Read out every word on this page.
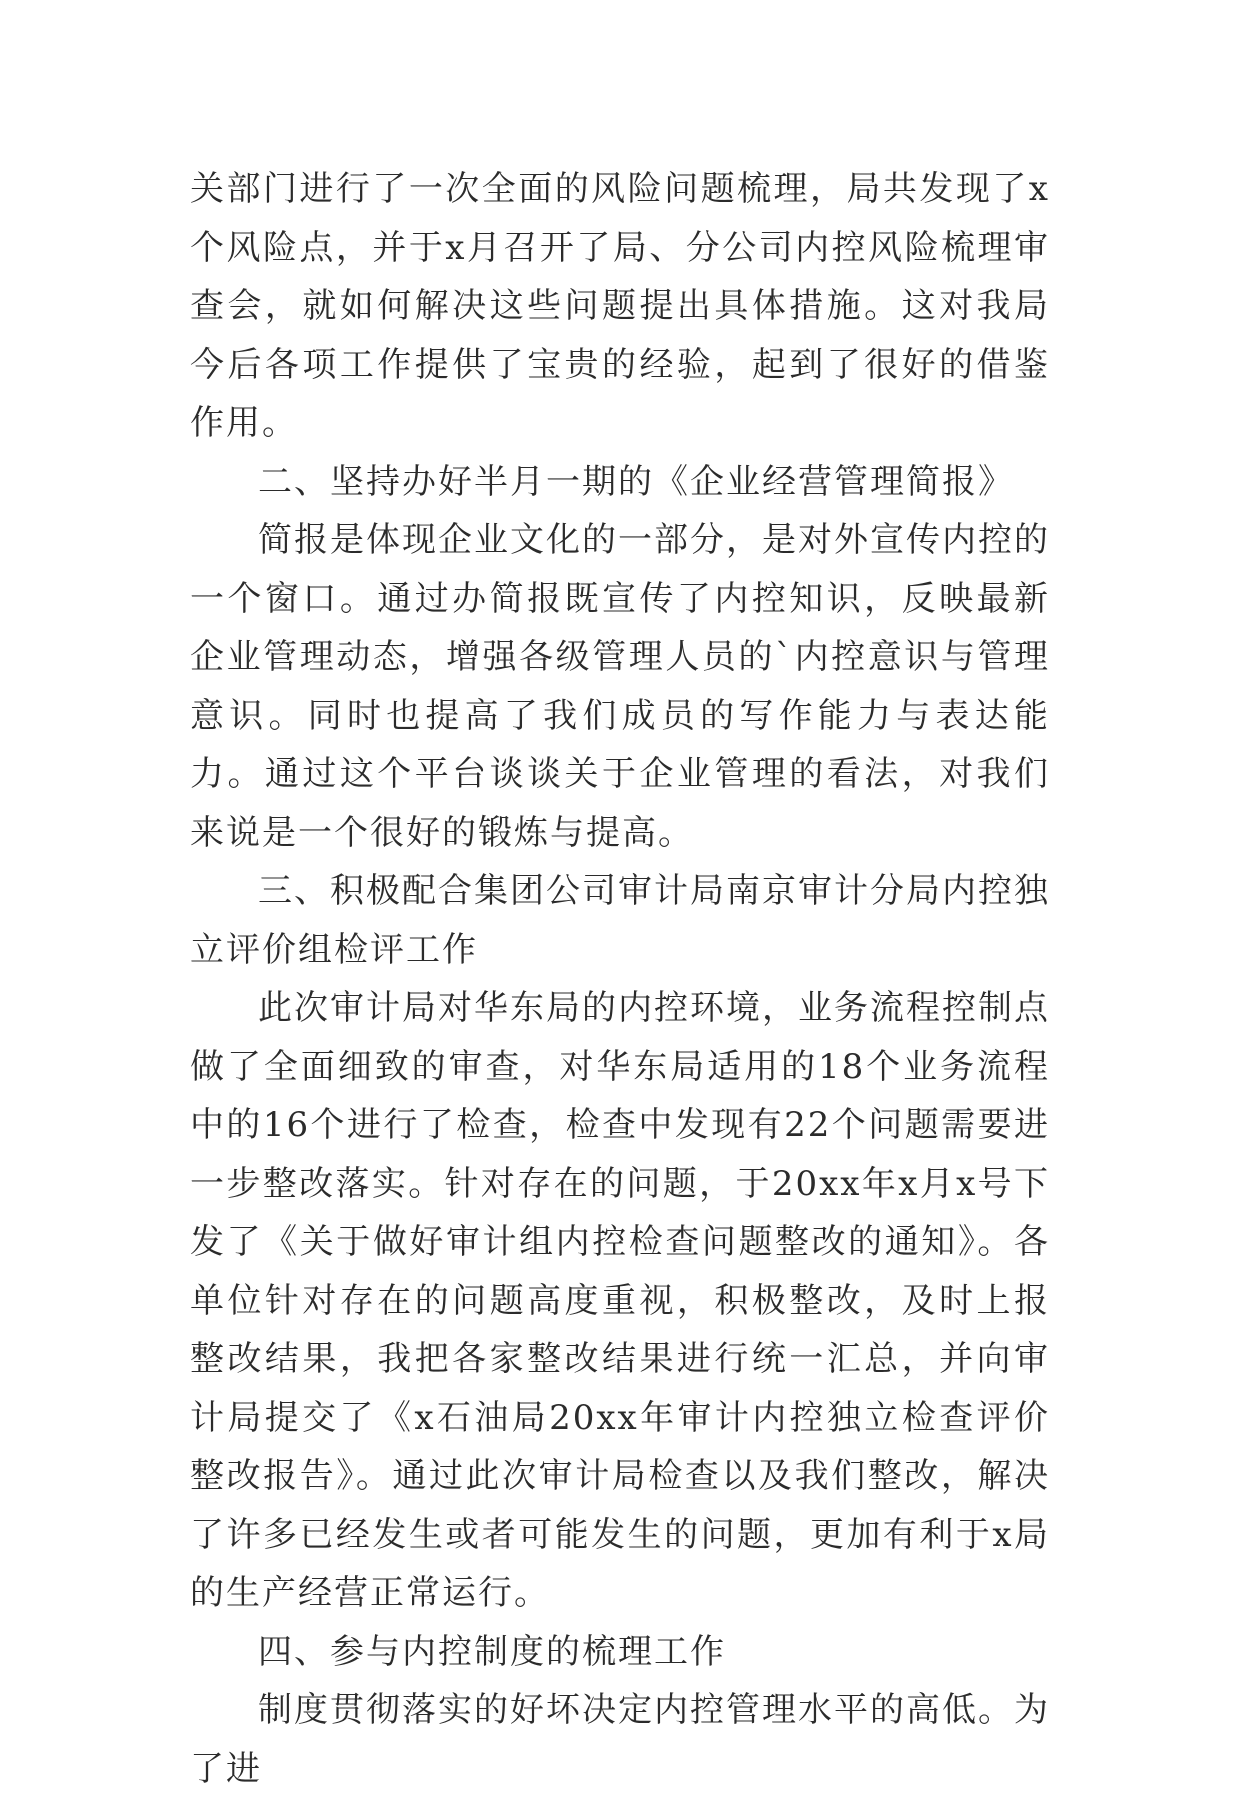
关部门进行了一次全面的风险问题梳理，局共发现了x个风险点，并于x月召开了局、分公司内控风险梳理审查会，就如何解决这些问题提出具体措施。这对我局今后各项工作提供了宝贵的经验，起到了很好的借鉴作用。

二、坚持办好半月一期的《企业经营管理简报》

简报是体现企业文化的一部分，是对外宣传内控的一个窗口。通过办简报既宣传了内控知识，反映最新企业管理动态，增强各级管理人员的`内控意识与管理意识。同时也提高了我们成员的写作能力与表达能力。通过这个平台谈谈关于企业管理的看法，对我们来说是一个很好的锻炼与提高。

三、积极配合集团公司审计局南京审计分局内控独立评价组检评工作

此次审计局对华东局的内控环境，业务流程控制点做了全面细致的审查，对华东局适用的18个业务流程中的16个进行了检查，检查中发现有22个问题需要进一步整改落实。针对存在的问题，于20xx年x月x号下发了《关于做好审计组内控检查问题整改的通知》。各单位针对存在的问题高度重视，积极整改，及时上报整改结果，我把各家整改结果进行统一汇总，并向审计局提交了《x石油局20xx年审计内控独立检查评价整改报告》。通过此次审计局检查以及我们整改，解决了许多已经发生或者可能发生的问题，更加有利于x局的生产经营正常运行。

四、参与内控制度的梳理工作

制度贯彻落实的好坏决定内控管理水平的高低。为了进
